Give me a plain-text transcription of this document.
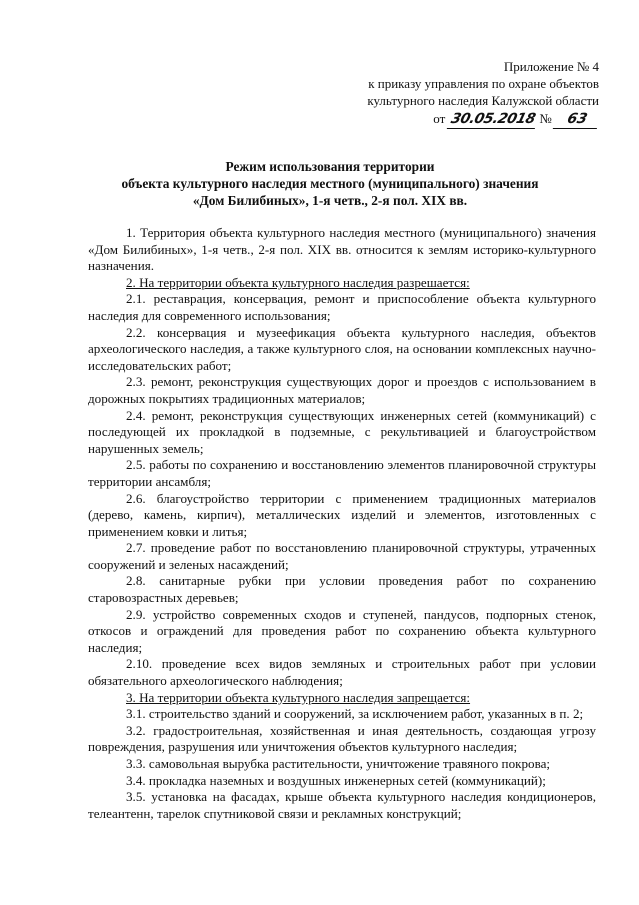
Приложение № 4
к приказу управления по охране объектов
культурного наследия Калужской области
от 30.05.2018 № 63
Режим использования территории
объекта культурного наследия местного (муниципального) значения
«Дом Билибиных», 1-я четв., 2-я пол. XIX вв.

1. Территория объекта культурного наследия местного (муниципального) значения «Дом Билибиных», 1-я четв., 2-я пол. XIX вв. относится к землям историко-культурного назначения.

2. На территории объекта культурного наследия разрешается:

2.1. реставрация, консервация, ремонт и приспособление объекта культурного наследия для современного использования;

2.2. консервация и музеефикация объекта культурного наследия, объектов археологического наследия, а также культурного слоя, на основании комплексных научно-исследовательских работ;

2.3. ремонт, реконструкция существующих дорог и проездов с использованием в дорожных покрытиях традиционных материалов;

2.4. ремонт, реконструкция существующих инженерных сетей (коммуникаций) с последующей их прокладкой в подземные, с рекультивацией и благоустройством нарушенных земель;

2.5. работы по сохранению и восстановлению элементов планировочной структуры территории ансамбля;

2.6. благоустройство территории с применением традиционных материалов (дерево, камень, кирпич), металлических изделий и элементов, изготовленных с применением ковки и литья;

2.7. проведение работ по восстановлению планировочной структуры, утраченных сооружений и зеленых насаждений;

2.8. санитарные рубки при условии проведения работ по сохранению старовозрастных деревьев;

2.9. устройство современных сходов и ступеней, пандусов, подпорных стенок, откосов и ограждений для проведения работ по сохранению объекта культурного наследия;

2.10. проведение всех видов земляных и строительных работ при условии обязательного археологического наблюдения;

3. На территории объекта культурного наследия запрещается:

3.1. строительство зданий и сооружений, за исключением работ, указанных в п. 2;

3.2. градостроительная, хозяйственная и иная деятельность, создающая угрозу повреждения, разрушения или уничтожения объектов культурного наследия;

3.3. самовольная вырубка растительности, уничтожение травяного покрова;

3.4. прокладка наземных и воздушных инженерных сетей (коммуникаций);

3.5. установка на фасадах, крыше объекта культурного наследия кондиционеров, телеантенн, тарелок спутниковой связи и рекламных конструкций;
